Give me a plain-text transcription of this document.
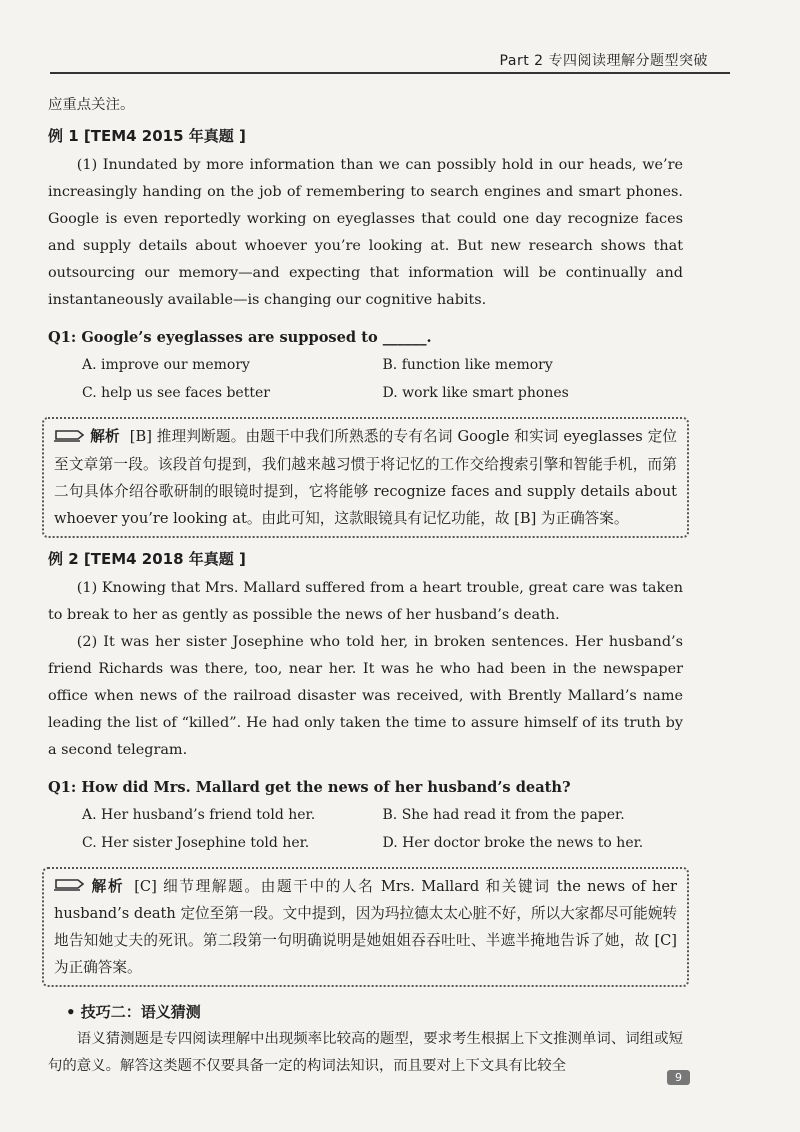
Part 2 专四阅读理解分题型突破

应重点关注。

例 1 [TEM4 2015 年真题 ]

(1) Inundated by more information than we can possibly hold in our heads, we’re increasingly handing on the job of remembering to search engines and smart phones. Google is even reportedly working on eyeglasses that could one day recognize faces and supply details about whoever you’re looking at. But new research shows that outsourcing our memory—and expecting that information will be continually and instantaneously available—is changing our cognitive habits.

Q1: Google’s eyeglasses are supposed to ______.

A. improve our memory	B. function like memory
C. help us see faces better	D. work like smart phones

解析 [B] 推理判断题。由题干中我们所熟悉的专有名词 Google 和实词 eyeglasses 定位至文章第一段。该段首句提到，我们越来越习惯于将记忆的工作交给搜索引擎和智能手机，而第二句具体介绍谷歌研制的眼镜时提到，它将能够 recognize faces and supply details about whoever you’re looking at。由此可知，这款眼镜具有记忆功能，故 [B] 为正确答案。

例 2 [TEM4 2018 年真题 ]

(1) Knowing that Mrs. Mallard suffered from a heart trouble, great care was taken to break to her as gently as possible the news of her husband’s death.

(2) It was her sister Josephine who told her, in broken sentences. Her husband’s friend Richards was there, too, near her. It was he who had been in the newspaper office when news of the railroad disaster was received, with Brently Mallard’s name leading the list of “killed”. He had only taken the time to assure himself of its truth by a second telegram.

Q1: How did Mrs. Mallard get the news of her husband’s death?

A. Her husband’s friend told her.	B. She had read it from the paper.
C. Her sister Josephine told her.	D. Her doctor broke the news to her.

解析 [C] 细节理解题。由题干中的人名 Mrs. Mallard 和关键词 the news of her husband’s death 定位至第一段。文中提到，因为玛拉德太太心脏不好，所以大家都尽可能婉转地告知她丈夫的死讯。第二段第一句明确说明是她姐姐吞吞吐吐、半遮半掩地告诉了她，故 [C] 为正确答案。

• 技巧二：语义猜测

语义猜测题是专四阅读理解中出现频率比较高的题型，要求考生根据上下文推测单词、词组或短句的意义。解答这类题不仅要具备一定的构词法知识，而且要对上下文具有比较全

9
